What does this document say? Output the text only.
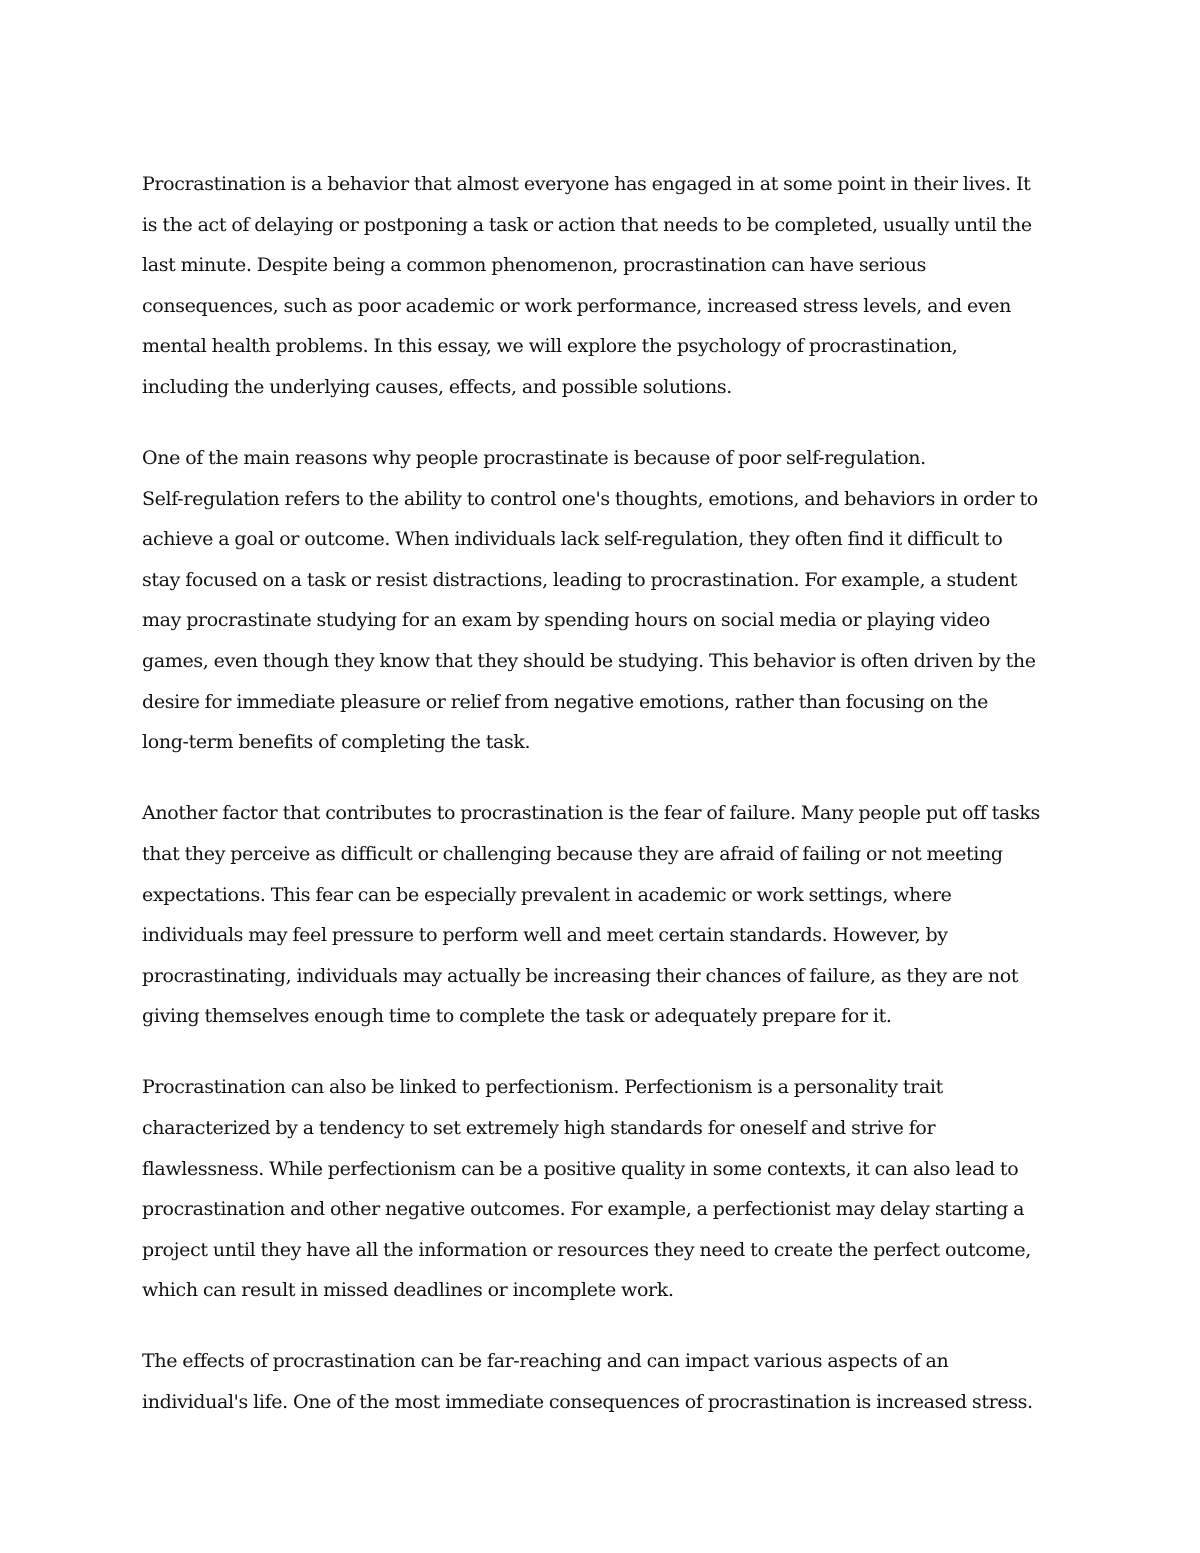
Procrastination is a behavior that almost everyone has engaged in at some point in their lives. It
is the act of delaying or postponing a task or action that needs to be completed, usually until the
last minute. Despite being a common phenomenon, procrastination can have serious
consequences, such as poor academic or work performance, increased stress levels, and even
mental health problems. In this essay, we will explore the psychology of procrastination,
including the underlying causes, effects, and possible solutions.

One of the main reasons why people procrastinate is because of poor self-regulation.
Self-regulation refers to the ability to control one's thoughts, emotions, and behaviors in order to
achieve a goal or outcome. When individuals lack self-regulation, they often find it difficult to
stay focused on a task or resist distractions, leading to procrastination. For example, a student
may procrastinate studying for an exam by spending hours on social media or playing video
games, even though they know that they should be studying. This behavior is often driven by the
desire for immediate pleasure or relief from negative emotions, rather than focusing on the
long-term benefits of completing the task.

Another factor that contributes to procrastination is the fear of failure. Many people put off tasks
that they perceive as difficult or challenging because they are afraid of failing or not meeting
expectations. This fear can be especially prevalent in academic or work settings, where
individuals may feel pressure to perform well and meet certain standards. However, by
procrastinating, individuals may actually be increasing their chances of failure, as they are not
giving themselves enough time to complete the task or adequately prepare for it.

Procrastination can also be linked to perfectionism. Perfectionism is a personality trait
characterized by a tendency to set extremely high standards for oneself and strive for
flawlessness. While perfectionism can be a positive quality in some contexts, it can also lead to
procrastination and other negative outcomes. For example, a perfectionist may delay starting a
project until they have all the information or resources they need to create the perfect outcome,
which can result in missed deadlines or incomplete work.

The effects of procrastination can be far-reaching and can impact various aspects of an
individual's life. One of the most immediate consequences of procrastination is increased stress.
